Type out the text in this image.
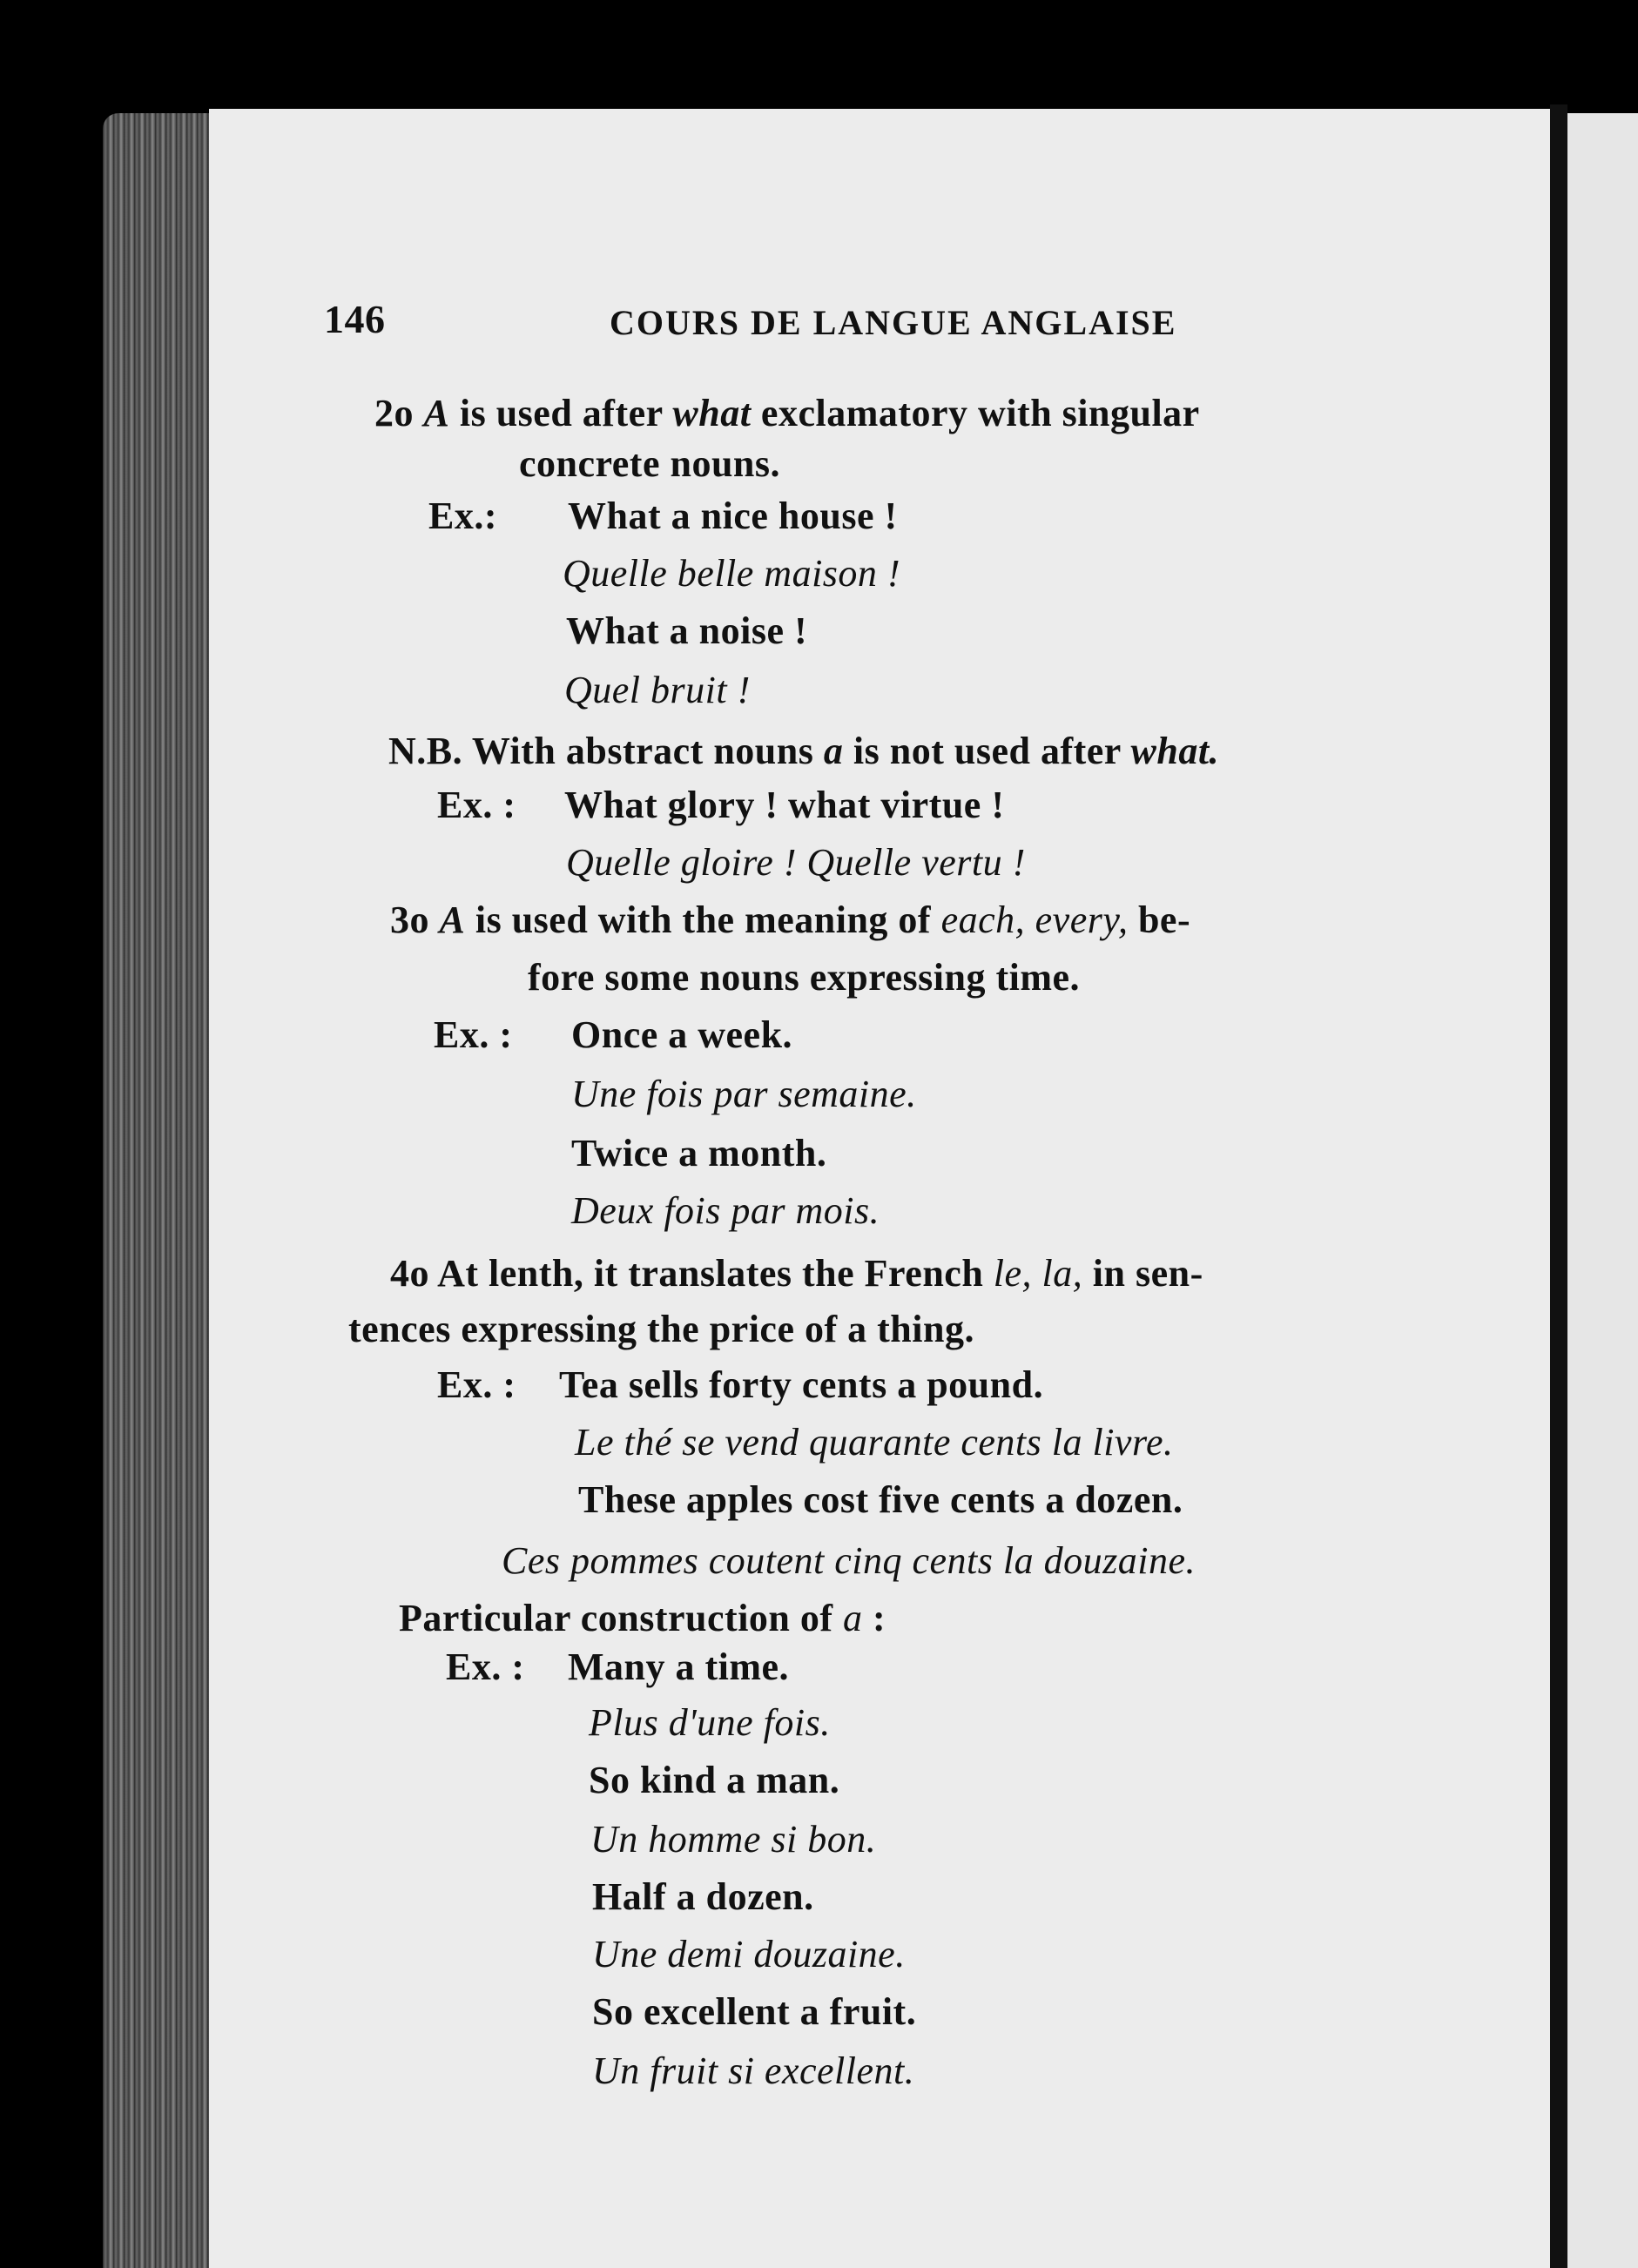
146	COURS DE LANGUE ANGLAISE
2o A is used after what exclamatory with singular
concrete nouns.
Ex.: What a nice house !
Quelle belle maison !
What a noise !
Quel bruit !
N.B. With abstract nouns a is not used after what.
Ex. : What glory ! what virtue !
Quelle gloire ! Quelle vertu !
3o A is used with the meaning of each, every, be-
fore some nouns expressing time.
Ex. : Once a week.
Une fois par semaine.
Twice a month.
Deux fois par mois.
4o At lenth, it translates the French le, la, in sen-
tences expressing the price of a thing.
Ex. : Tea sells forty cents a pound.
Le thé se vend quarante cents la livre.
These apples cost five cents a dozen.
Ces pommes coutent cinq cents la douzaine.
Particular construction of a :
Ex. : Many a time.
Plus d'une fois.
So kind a man.
Un homme si bon.
Half a dozen.
Une demi douzaine.
So excellent a fruit.
Un fruit si excellent.
